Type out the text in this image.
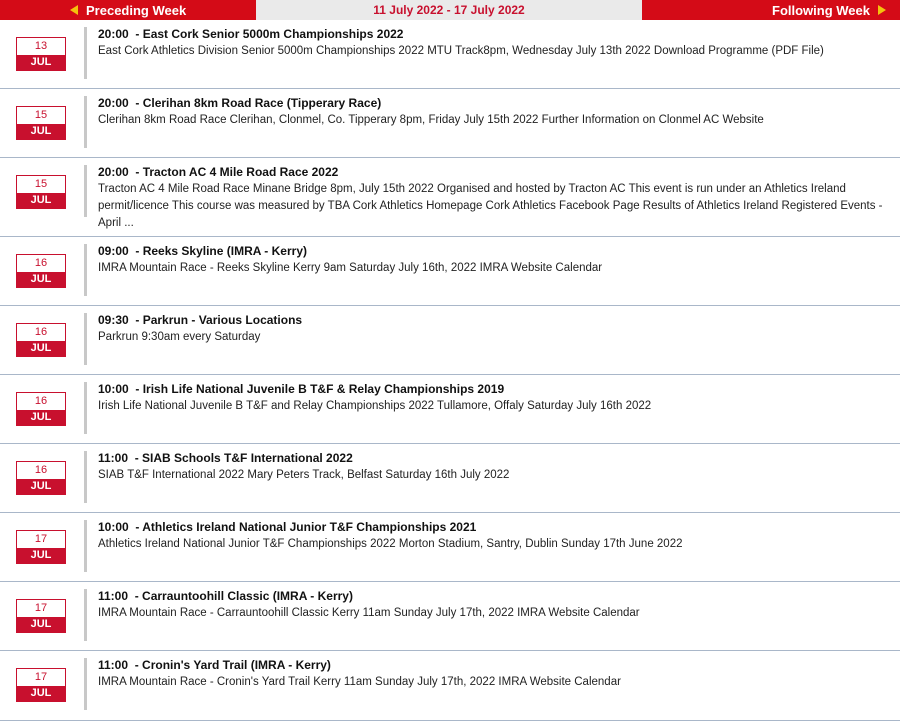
Preceding Week	11 July 2022 - 17 July 2022	Following Week
13
JUL
20:00  - East Cork Senior 5000m Championships 2022
East Cork Athletics Division Senior 5000m Championships 2022 MTU Track8pm, Wednesday July 13th 2022 Download Programme (PDF File)
15
JUL
20:00  - Clerihan 8km Road Race (Tipperary Race)
Clerihan 8km Road Race Clerihan, Clonmel, Co. Tipperary 8pm, Friday July 15th 2022 Further Information on Clonmel AC Website
15
JUL
20:00  - Tracton AC 4 Mile Road Race 2022
Tracton AC 4 Mile Road Race Minane Bridge 8pm, July 15th 2022 Organised and hosted by Tracton AC This event is run under an Athletics Ireland permit/licence This course was measured by TBA Cork Athletics Homepage Cork Athletics Facebook Page Results of Athletics Ireland Registered Events - April ...
16
JUL
09:00  - Reeks Skyline (IMRA - Kerry)
IMRA Mountain Race - Reeks Skyline Kerry 9am Saturday July 16th, 2022 IMRA Website Calendar
16
JUL
09:30  - Parkrun - Various Locations
Parkrun 9:30am every Saturday
16
JUL
10:00  - Irish Life National Juvenile B T&F & Relay Championships 2019
Irish Life National Juvenile B T&F and Relay Championships 2022 Tullamore, Offaly Saturday July 16th 2022
16
JUL
11:00  - SIAB Schools T&F International 2022
SIAB T&F International 2022 Mary Peters Track, Belfast Saturday 16th July 2022
17
JUL
10:00  - Athletics Ireland National Junior T&F Championships 2021
Athletics Ireland National Junior T&F Championships 2022 Morton Stadium, Santry, Dublin Sunday 17th June 2022
17
JUL
11:00  - Carrauntoohill Classic (IMRA - Kerry)
IMRA Mountain Race - Carrauntoohill Classic Kerry 11am Sunday July 17th, 2022 IMRA Website Calendar
17
JUL
11:00  - Cronin's Yard Trail (IMRA - Kerry)
IMRA Mountain Race - Cronin's Yard Trail Kerry 11am Sunday July 17th, 2022 IMRA Website Calendar
